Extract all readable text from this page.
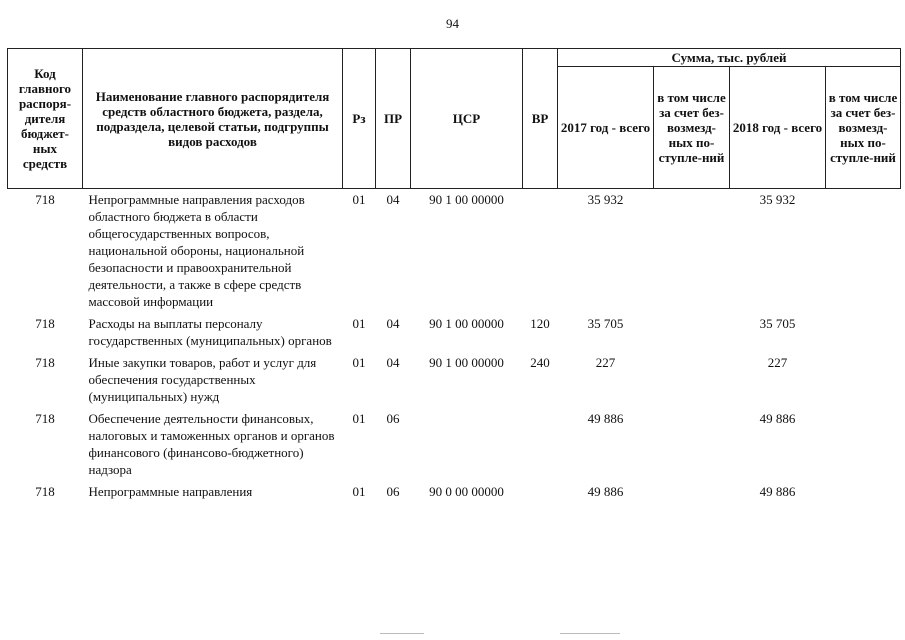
94
Код главного распоря-дителя бюджет-ных средств	Наименование главного распорядителя средств областного бюджета, раздела, подраздела, целевой статьи, подгруппы видов расходов	Рз	ПР	ЦСР	ВР	Сумма, тыс. рублей			
						2017 год - всего	в том числе за счет без-возмезд-ных по-ступле-ний	2018 год - всего	в том числе за счет без-возмезд-ных по-ступле-ний
718	Непрограммные направления расходов областного бюджета в области общегосударственных вопросов, национальной обороны, национальной безопасности и правоохранительной деятельности, а также в сфере средств массовой информации	01	04	90 1 00 00000		35 932		35 932	
718	Расходы на выплаты персоналу государственных (муниципальных) органов	01	04	90 1 00 00000	120	35 705		35 705	
718	Иные закупки товаров, работ и услуг для обеспечения государственных (муниципальных) нужд	01	04	90 1 00 00000	240	227		227	
718	Обеспечение деятельности финансовых, налоговых и таможенных органов и органов финансового (финансово-бюджетного) надзора	01	06			49 886		49 886	
718	Непрограммные направления	01	06	90 0 00 00000		49 886		49 886	
